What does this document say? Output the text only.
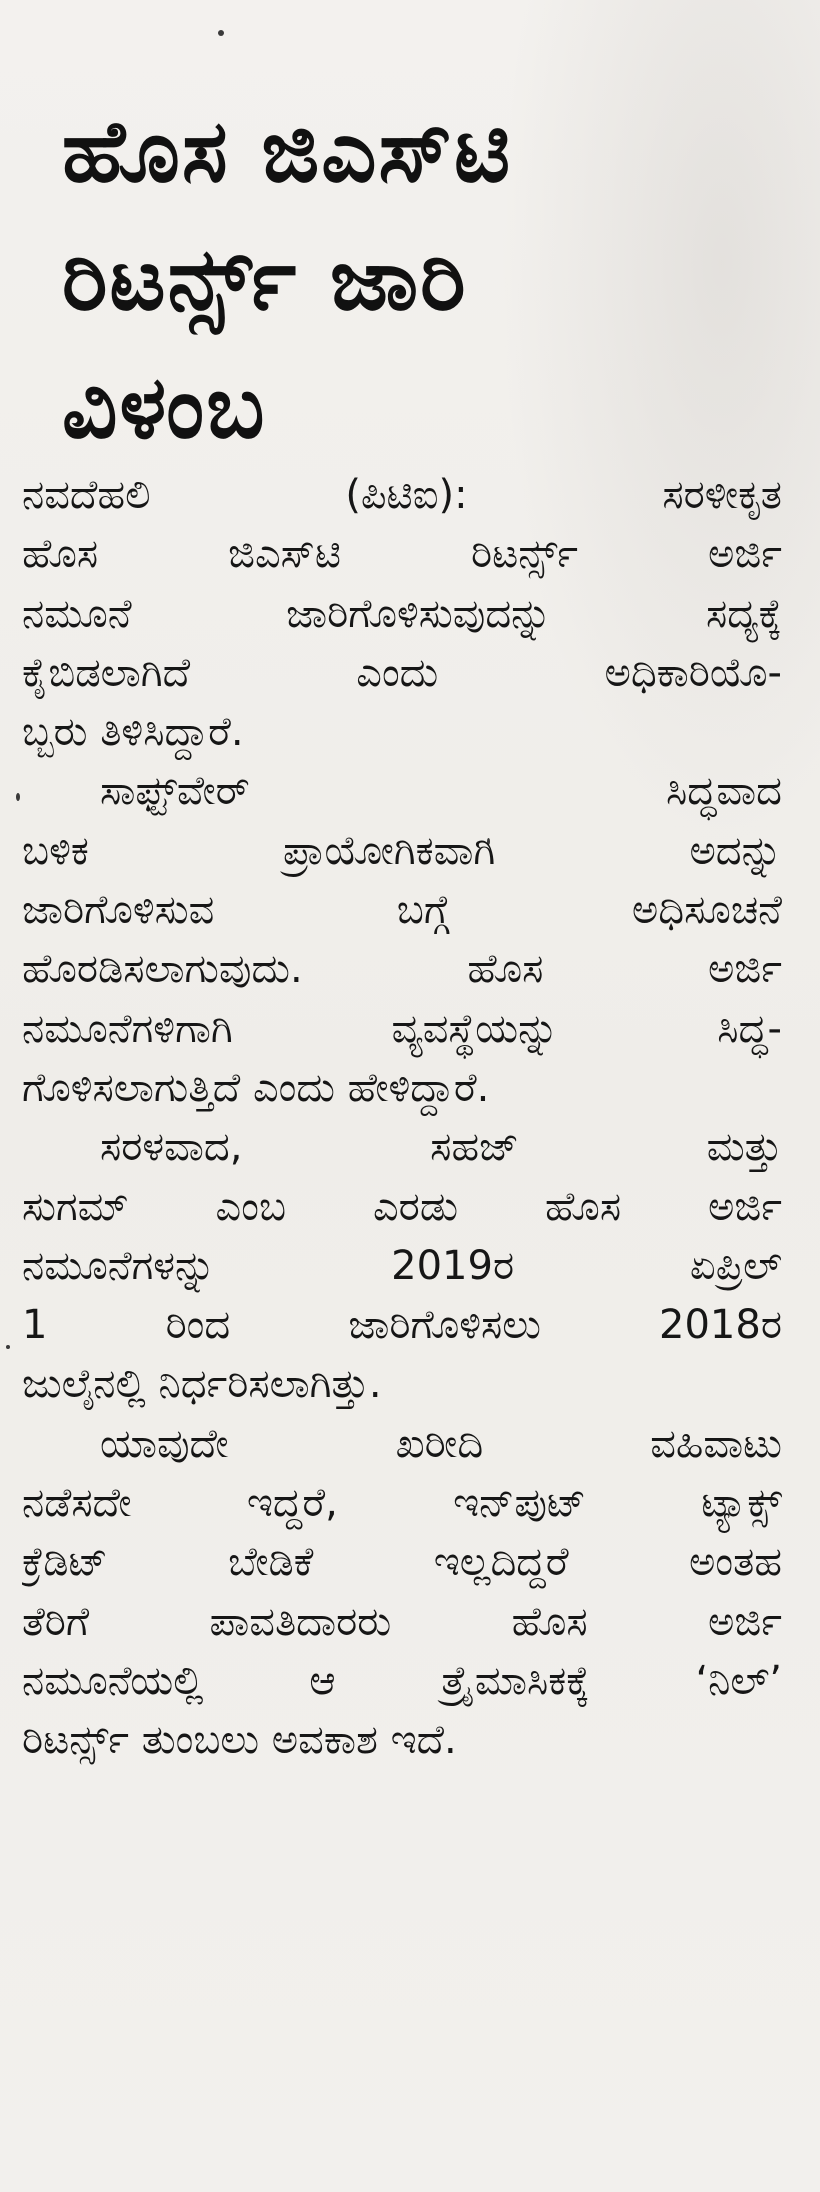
ಹೊಸ ಜಿಎಸ್‌ಟಿ
ರಿಟರ್ನ್ಸ್ ಜಾರಿ
ವಿಳಂಬ

ನವದೆಹಲಿ (ಪಿಟಿಐ): ಸರಳೀಕೃತ
ಹೊಸ ಜಿಎಸ್‌ಟಿ ರಿಟರ್ನ್ಸ್ ಅರ್ಜಿ
ನಮೂನೆ ಜಾರಿಗೊಳಿಸುವುದನ್ನು ಸದ್ಯಕ್ಕೆ
ಕೈಬಿಡಲಾಗಿದೆ ಎಂದು ಅಧಿಕಾರಿಯೊ-
ಬ್ಬರು ತಿಳಿಸಿದ್ದಾರೆ.

ಸಾಫ್ಟ್‌ವೇರ್ ಸಿದ್ಧವಾದ
ಬಳಿಕ ಪ್ರಾಯೋಗಿಕವಾಗಿ ಅದನ್ನು
ಜಾರಿಗೊಳಿಸುವ ಬಗ್ಗೆ ಅಧಿಸೂಚನೆ
ಹೊರಡಿಸಲಾಗುವುದು. ಹೊಸ ಅರ್ಜಿ
ನಮೂನೆಗಳಿಗಾಗಿ ವ್ಯವಸ್ಥೆಯನ್ನು ಸಿದ್ಧ-
ಗೊಳಿಸಲಾಗುತ್ತಿದೆ ಎಂದು ಹೇಳಿದ್ದಾರೆ.

ಸರಳವಾದ, ಸಹಜ್ ಮತ್ತು
ಸುಗಮ್ ಎಂಬ ಎರಡು ಹೊಸ ಅರ್ಜಿ
ನಮೂನೆಗಳನ್ನು 2019ರ ಏಪ್ರಿಲ್
1 ರಿಂದ ಜಾರಿಗೊಳಿಸಲು 2018ರ
ಜುಲೈನಲ್ಲಿ ನಿರ್ಧರಿಸಲಾಗಿತ್ತು.

ಯಾವುದೇ ಖರೀದಿ ವಹಿವಾಟು
ನಡೆಸದೇ ಇದ್ದರೆ, ಇನ್‌ಪುಟ್ ಟ್ಯಾಕ್ಸ್
ಕ್ರೆಡಿಟ್ ಬೇಡಿಕೆ ಇಲ್ಲದಿದ್ದರೆ ಅಂತಹ
ತೆರಿಗೆ ಪಾವತಿದಾರರು ಹೊಸ ಅರ್ಜಿ
ನಮೂನೆಯಲ್ಲಿ ಆ ತ್ರೈಮಾಸಿಕಕ್ಕೆ ‘ನಿಲ್’
ರಿಟರ್ನ್ಸ್ ತುಂಬಲು ಅವಕಾಶ ಇದೆ.
